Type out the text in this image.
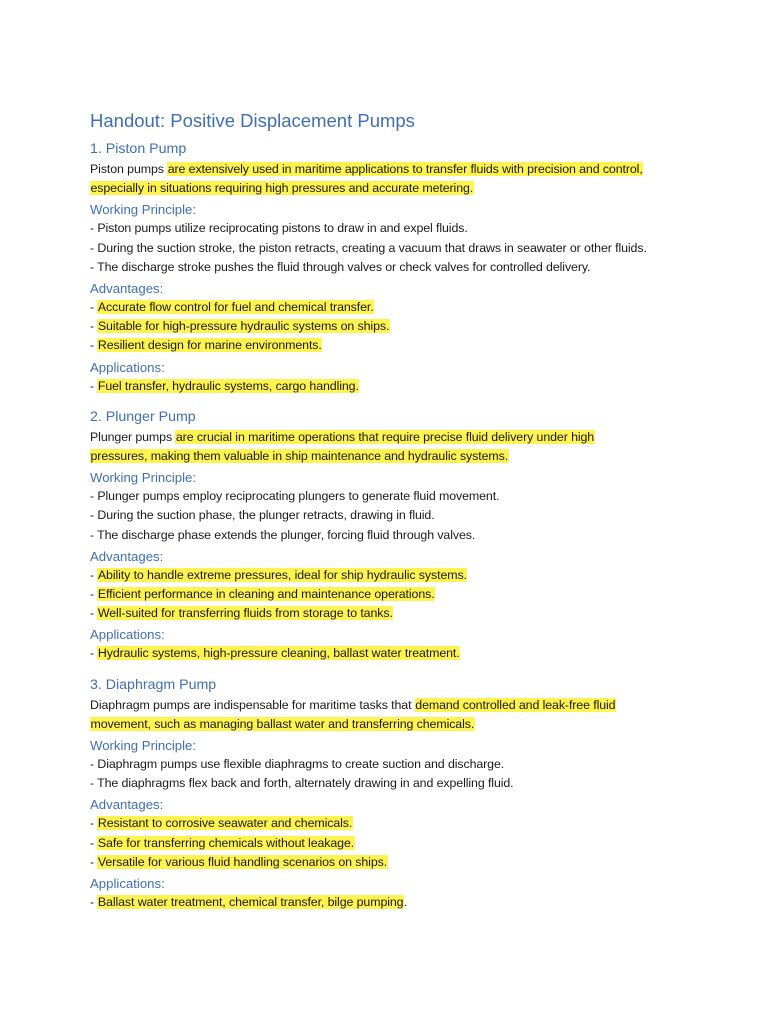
Handout: Positive Displacement Pumps
1. Piston Pump

Piston pumps are extensively used in maritime applications to transfer fluids with precision and control,
especially in situations requiring high pressures and accurate metering.

Working Principle:

- Piston pumps utilize reciprocating pistons to draw in and expel fluids.
- During the suction stroke, the piston retracts, creating a vacuum that draws in seawater or other fluids.
- The discharge stroke pushes the fluid through valves or check valves for controlled delivery.

Advantages:

- Accurate flow control for fuel and chemical transfer.
- Suitable for high-pressure hydraulic systems on ships.
- Resilient design for marine environments.

Applications:

- Fuel transfer, hydraulic systems, cargo handling.

2. Plunger Pump

Plunger pumps are crucial in maritime operations that require precise fluid delivery under high
pressures, making them valuable in ship maintenance and hydraulic systems.

Working Principle:

- Plunger pumps employ reciprocating plungers to generate fluid movement.
- During the suction phase, the plunger retracts, drawing in fluid.
- The discharge phase extends the plunger, forcing fluid through valves.

Advantages:

- Ability to handle extreme pressures, ideal for ship hydraulic systems.
- Efficient performance in cleaning and maintenance operations.
- Well-suited for transferring fluids from storage to tanks.

Applications:

- Hydraulic systems, high-pressure cleaning, ballast water treatment.

3. Diaphragm Pump

Diaphragm pumps are indispensable for maritime tasks that demand controlled and leak-free fluid
movement, such as managing ballast water and transferring chemicals.

Working Principle:

- Diaphragm pumps use flexible diaphragms to create suction and discharge.
- The diaphragms flex back and forth, alternately drawing in and expelling fluid.

Advantages:

- Resistant to corrosive seawater and chemicals.
- Safe for transferring chemicals without leakage.
- Versatile for various fluid handling scenarios on ships.

Applications:

- Ballast water treatment, chemical transfer, bilge pumping.
